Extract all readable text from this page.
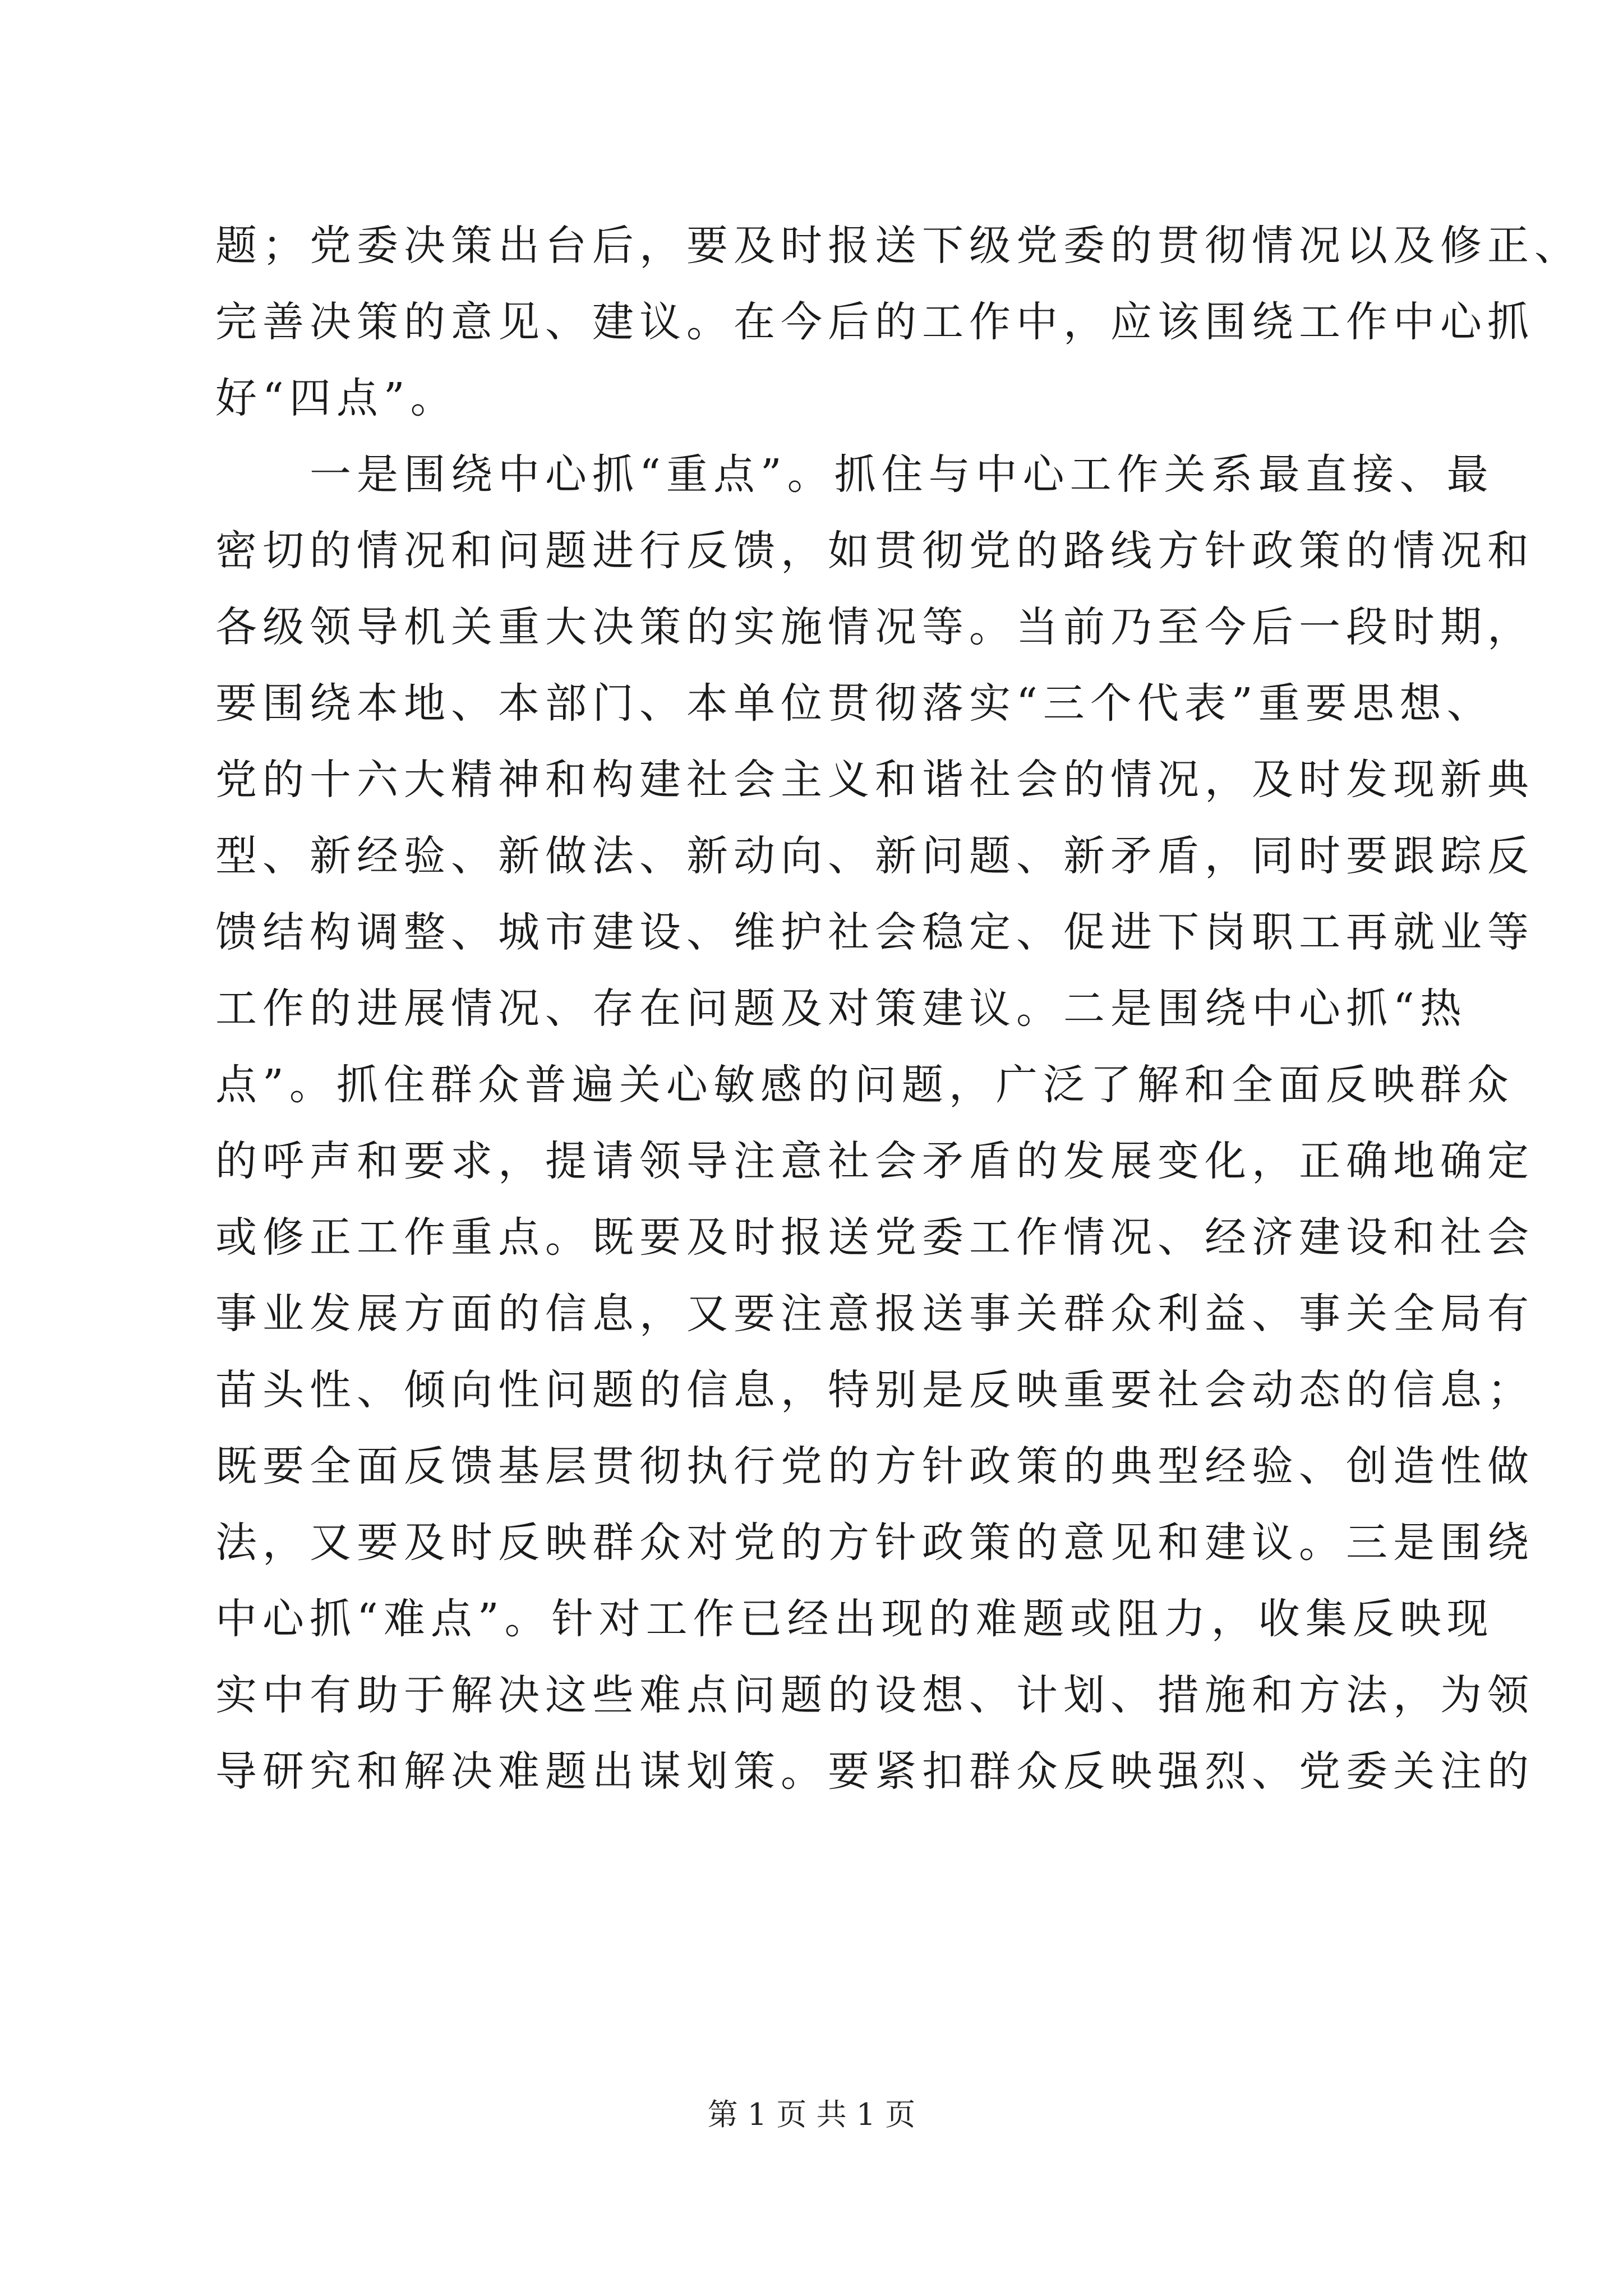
题；党委决策出台后，要及时报送下级党委的贯彻情况以及修正、
完善决策的意见、建议。在今后的工作中，应该围绕工作中心抓
好“四点”。
　　一是围绕中心抓“重点”。抓住与中心工作关系最直接、最
密切的情况和问题进行反馈，如贯彻党的路线方针政策的情况和
各级领导机关重大决策的实施情况等。当前乃至今后一段时期，
要围绕本地、本部门、本单位贯彻落实“三个代表”重要思想、
党的十六大精神和构建社会主义和谐社会的情况，及时发现新典
型、新经验、新做法、新动向、新问题、新矛盾，同时要跟踪反
馈结构调整、城市建设、维护社会稳定、促进下岗职工再就业等
工作的进展情况、存在问题及对策建议。二是围绕中心抓“热
点”。抓住群众普遍关心敏感的问题，广泛了解和全面反映群众
的呼声和要求，提请领导注意社会矛盾的发展变化，正确地确定
或修正工作重点。既要及时报送党委工作情况、经济建设和社会
事业发展方面的信息，又要注意报送事关群众利益、事关全局有
苗头性、倾向性问题的信息，特别是反映重要社会动态的信息；
既要全面反馈基层贯彻执行党的方针政策的典型经验、创造性做
法，又要及时反映群众对党的方针政策的意见和建议。三是围绕
中心抓“难点”。针对工作已经出现的难题或阻力，收集反映现
实中有助于解决这些难点问题的设想、计划、措施和方法，为领
导研究和解决难题出谋划策。要紧扣群众反映强烈、党委关注的
第 1 页 共 1 页
